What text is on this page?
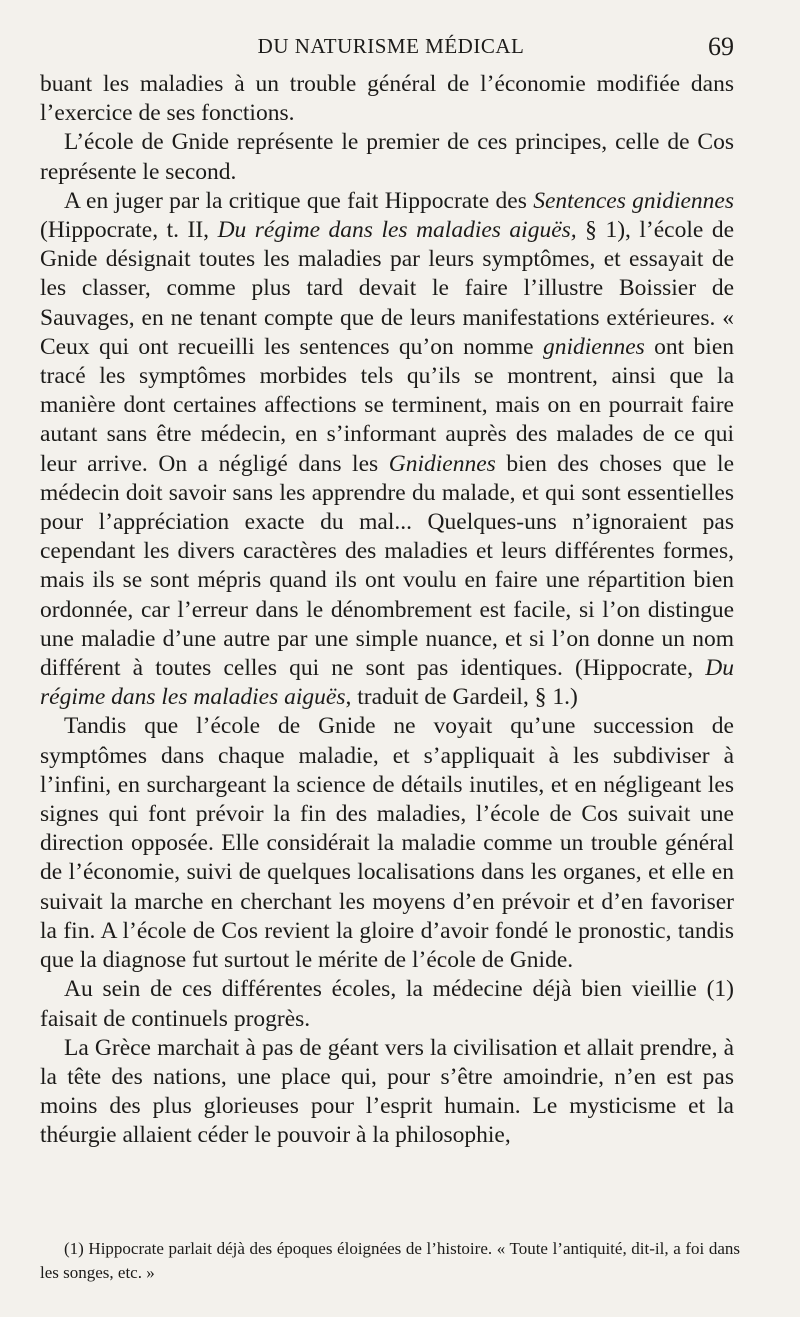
DU NATURISME MÉDICAL	69

buant les maladies à un trouble général de l’économie modifiée dans l’exercice de ses fonctions.

L’école de Gnide représente le premier de ces principes, celle de Cos représente le second.

A en juger par la critique que fait Hippocrate des Sentences gnidiennes (Hippocrate, t. II, Du régime dans les maladies aiguës, § 1), l’école de Gnide désignait toutes les maladies par leurs symptômes, et essayait de les classer, comme plus tard devait le faire l’illustre Boissier de Sauvages, en ne tenant compte que de leurs manifestations extérieures. « Ceux qui ont recueilli les sentences qu’on nomme gnidiennes ont bien tracé les symptômes morbides tels qu’ils se montrent, ainsi que la manière dont certaines affections se terminent, mais on en pourrait faire autant sans être médecin, en s’informant auprès des malades de ce qui leur arrive. On a négligé dans les Gnidiennes bien des choses que le médecin doit savoir sans les apprendre du malade, et qui sont essentielles pour l’appréciation exacte du mal... Quelques-uns n’ignoraient pas cependant les divers caractères des maladies et leurs différentes formes, mais ils se sont mépris quand ils ont voulu en faire une répartition bien ordonnée, car l’erreur dans le dénombrement est facile, si l’on distingue une maladie d’une autre par une simple nuance, et si l’on donne un nom différent à toutes celles qui ne sont pas identiques. (Hippocrate, Du régime dans les maladies aiguës, traduit de Gardeil, § 1.)

Tandis que l’école de Gnide ne voyait qu’une succession de symptômes dans chaque maladie, et s’appliquait à les subdiviser à l’infini, en surchargeant la science de détails inutiles, et en négligeant les signes qui font prévoir la fin des maladies, l’école de Cos suivait une direction opposée. Elle considérait la maladie comme un trouble général de l’économie, suivi de quelques localisations dans les organes, et elle en suivait la marche en cherchant les moyens d’en prévoir et d’en favoriser la fin. A l’école de Cos revient la gloire d’avoir fondé le pronostic, tandis que la diagnose fut surtout le mérite de l’école de Gnide.

Au sein de ces différentes écoles, la médecine déjà bien vieillie (1) faisait de continuels progrès.

La Grèce marchait à pas de géant vers la civilisation et allait prendre, à la tête des nations, une place qui, pour s’être amoindrie, n’en est pas moins des plus glorieuses pour l’esprit humain. Le mysticisme et la théurgie allaient céder le pouvoir à la philosophie,

(1) Hippocrate parlait déjà des époques éloignées de l’histoire. « Toute l’antiquité, dit-il, a foi dans les songes, etc. »
